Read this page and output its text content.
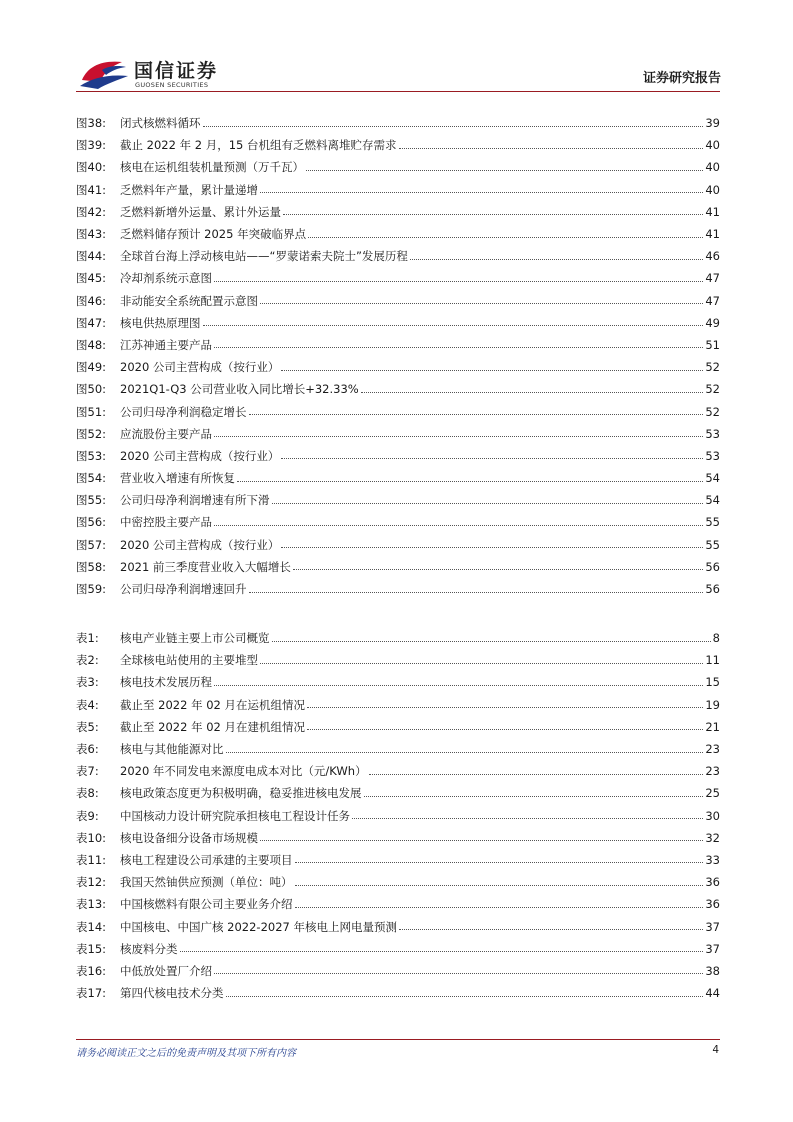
国信证券
GUOSEN SECURITIES	证券研究报告
图38:	闭式核燃料循环	39
图39:	截止 2022 年 2 月，15 台机组有乏燃料离堆贮存需求	40
图40:	核电在运机组装机量预测（万千瓦）	40
图41:	乏燃料年产量，累计量递增	40
图42:	乏燃料新增外运量、累计外运量	41
图43:	乏燃料储存预计 2025 年突破临界点	41
图44:	全球首台海上浮动核电站——“罗蒙诺索夫院士”发展历程	46
图45:	冷却剂系统示意图	47
图46:	非动能安全系统配置示意图	47
图47:	核电供热原理图	49
图48:	江苏神通主要产品	51
图49:	2020 公司主营构成（按行业）	52
图50:	2021Q1-Q3 公司营业收入同比增长+32.33%	52
图51:	公司归母净利润稳定增长	52
图52:	应流股份主要产品	53
图53:	2020 公司主营构成（按行业）	53
图54:	营业收入增速有所恢复	54
图55:	公司归母净利润增速有所下滑	54
图56:	中密控股主要产品	55
图57:	2020 公司主营构成（按行业）	55
图58:	2021 前三季度营业收入大幅增长	56
图59:	公司归母净利润增速回升	56
表1:	核电产业链主要上市公司概览	8
表2:	全球核电站使用的主要堆型	11
表3:	核电技术发展历程	15
表4:	截止至 2022 年 02 月在运机组情况	19
表5:	截止至 2022 年 02 月在建机组情况	21
表6:	核电与其他能源对比	23
表7:	2020 年不同发电来源度电成本对比（元/KWh）	23
表8:	核电政策态度更为积极明确，稳妥推进核电发展	25
表9:	中国核动力设计研究院承担核电工程设计任务	30
表10:	核电设备细分设备市场规模	32
表11:	核电工程建设公司承建的主要项目	33
表12:	我国天然铀供应预测（单位：吨）	36
表13:	中国核燃料有限公司主要业务介绍	36
表14:	中国核电、中国广核 2022-2027 年核电上网电量预测	37
表15:	核废料分类	37
表16:	中低放处置厂介绍	38
表17:	第四代核电技术分类	44
请务必阅读正文之后的免责声明及其项下所有内容	4
